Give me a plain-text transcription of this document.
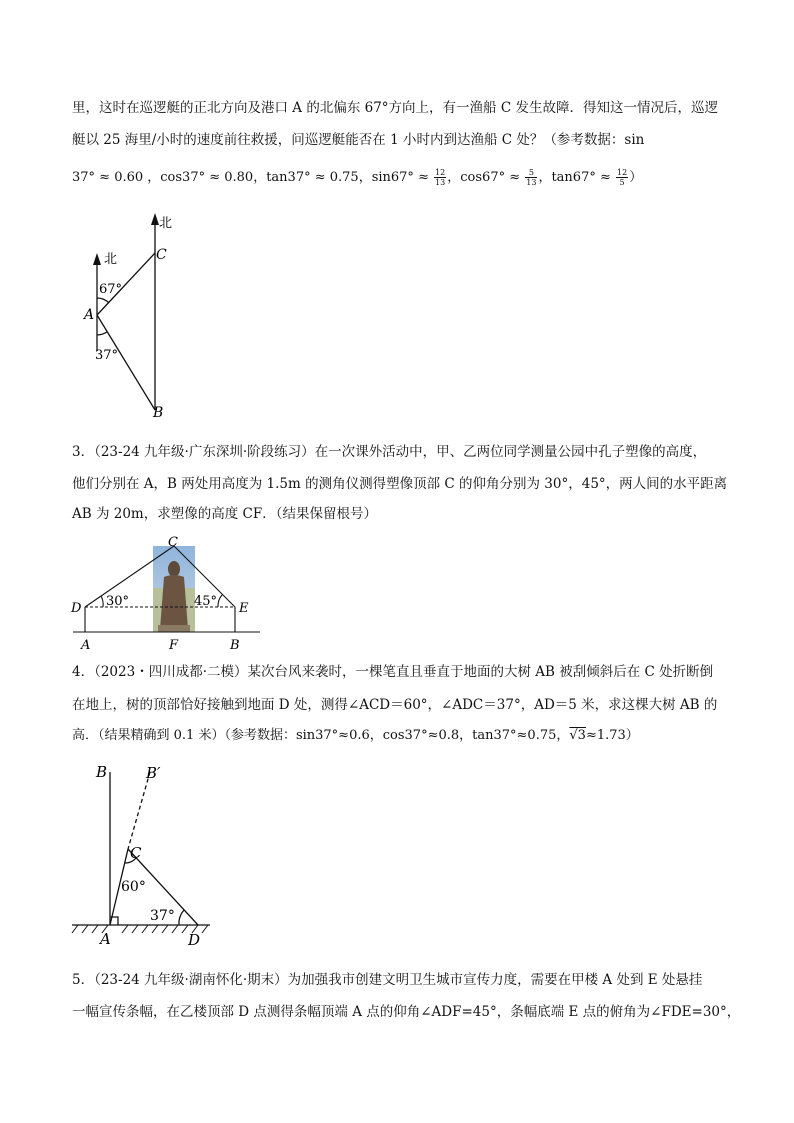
里，这时在巡逻艇的正北方向及港口 A 的北偏东 67°方向上，有一渔船 C 发生故障．得知这一情况后，巡逻
艇以 25 海里/小时的速度前往救援，问巡逻艇能否在 1 小时内到达渔船 C 处？（参考数据：sin
37° ≈ 0.60 ，cos37° ≈ 0.80，tan37° ≈ 0.75，$\sin 67^\circ \approx \frac{12}{13}$ ，$\cos 67^\circ \approx \frac{5}{13}$ ，$\tan 67^\circ \approx \frac{12}{5}$ ）
北
北	C
A
B
67°
37°
3．（23-24 九年级·广东深圳·阶段练习）在一次课外活动中，甲、乙两位同学测量公园中孔子塑像的高度，
他们分别在 A，B 两处用高度为 1.5m 的测角仪测得塑像顶部 C 的仰角分别为 30°，45°，两人间的水平距离
AB 为 20m，求塑像的高度 CF．（结果保留根号）
C
D	E
A	F	B
30°	45°
4．（2023・四川成都·二模）某次台风来袭时，一棵笔直且垂直于地面的大树 AB 被刮倾斜后在 C 处折断倒
在地上，树的顶部恰好接触到地面 D 处，测得∠ACD＝60°，∠ADC＝37°，AD＝5 米，求这棵大树 AB 的
高．（结果精确到 0.1 米）（参考数据：sin37°≈0.6，cos37°≈0.8，tan37°≈0.75，√3≈1.73）
B	B′
C
A	D
60°
37°
5．（23-24 九年级·湖南怀化·期末）为加强我市创建文明卫生城市宣传力度，需要在甲楼 A 处到 E 处悬挂
一幅宣传条幅，在乙楼顶部 D 点测得条幅顶端 A 点的仰角∠ADF=45°，条幅底端 E 点的俯角为∠FDE=30°，
